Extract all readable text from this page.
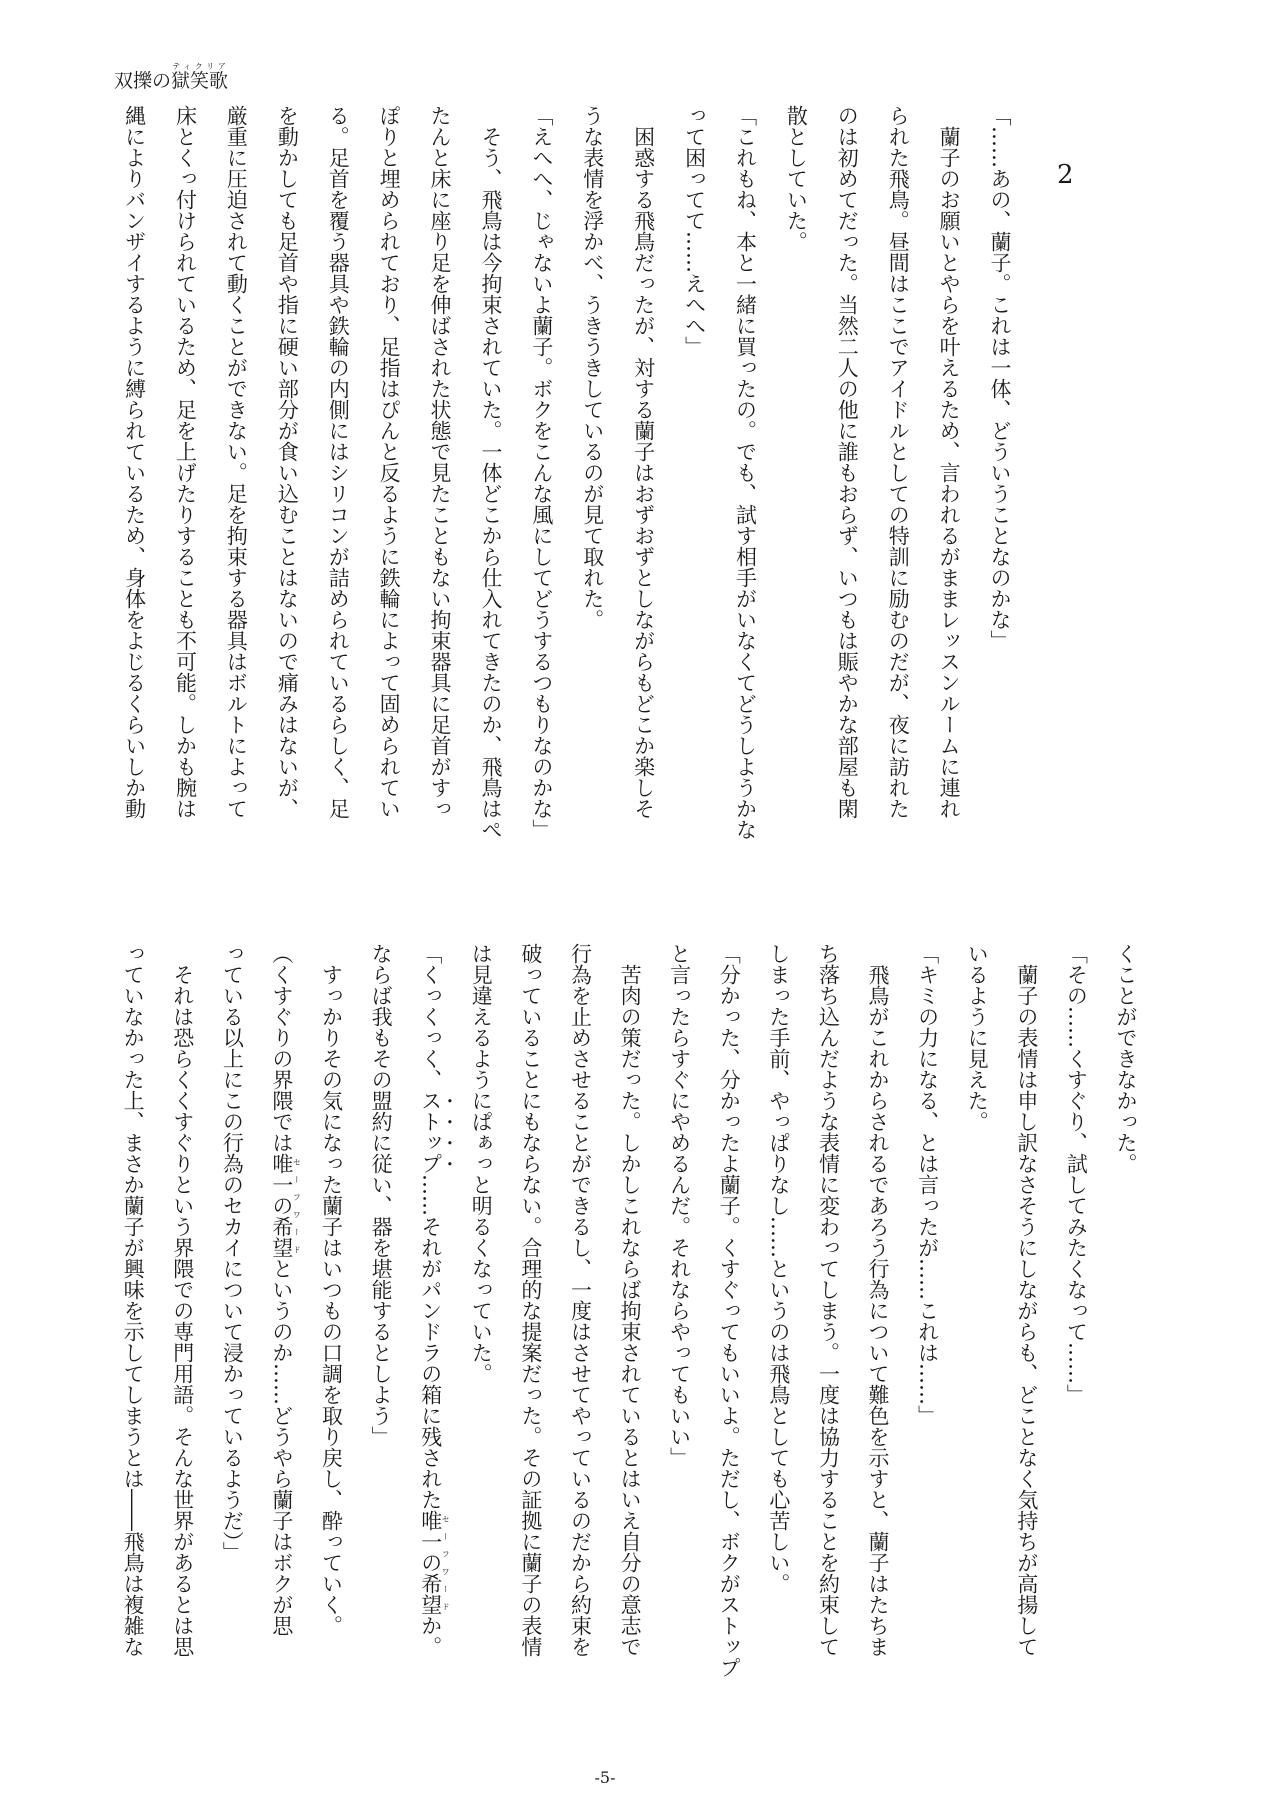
双擽の獄笑歌ティクリア
2
「……あの、蘭子。これは一体、どういうことなのかな」
　蘭子のお願いとやらを叶えるため、言われるがままレッスンルームに連れ
られた飛鳥。昼間はここでアイドルとしての特訓に励むのだが、夜に訪れた
のは初めてだった。当然二人の他に誰もおらず、いつもは賑やかな部屋も閑
散としていた。
「これもね、本と一緒に買ったの。でも、試す相手がいなくてどうしようかな
って困ってて……えへへ」
　困惑する飛鳥だったが、対する蘭子はおずおずとしながらもどこか楽しそ
うな表情を浮かべ、うきうきしているのが見て取れた。
「えへへ、じゃないよ蘭子。ボクをこんな風にしてどうするつもりなのかな」
　そう、飛鳥は今拘束されていた。一体どこから仕入れてきたのか、飛鳥はぺ
たんと床に座り足を伸ばされた状態で見たこともない拘束器具に足首がすっ
ぽりと埋められており、足指はぴんと反るように鉄輪によって固められてい
る。足首を覆う器具や鉄輪の内側にはシリコンが詰められているらしく、足
を動かしても足首や指に硬い部分が食い込むことはないので痛みはないが、
厳重に圧迫されて動くことができない。足を拘束する器具はボルトによって
床とくっ付けられているため、足を上げたりすることも不可能。しかも腕は
縄によりバンザイするように縛られているため、身体をよじるくらいしか動
くことができなかった。
「その……くすぐり、試してみたくなって……」
　蘭子の表情は申し訳なさそうにしながらも、どことなく気持ちが高揚して
いるように見えた。
「キミの力になる、とは言ったが……これは……」
　飛鳥がこれからされるであろう行為について難色を示すと、蘭子はたちま
ち落ち込んだような表情に変わってしまう。一度は協力することを約束して
しまった手前、やっぱりなし……というのは飛鳥としても心苦しい。
「分かった、分かったよ蘭子。くすぐってもいいよ。ただし、ボクがストップ
と言ったらすぐにやめるんだ。それならやってもいい」
　苦肉の策だった。しかしこれならば拘束されているとはいえ自分の意志で
行為を止めさせることができるし、一度はさせてやっているのだから約束を
破っていることにもならない。合理的な提案だった。その証拠に蘭子の表情
は見違えるようにぱぁっと明るくなっていた。
「くっくっく、ストップ……それがパンドラの箱に残された唯一の希望セーフワードか。
ならば我もその盟約に従い、器を堪能するとしよう」
　すっかりその気になった蘭子はいつもの口調を取り戻し、酔っていく。
（くすぐりの界隈では唯一の希望セーフワードというのか……どうやら蘭子はボクが思
っている以上にこの行為のセカイについて浸かっているようだ）」
　それは恐らくくすぐりという界隈での専門用語。そんな世界があるとは思
っていなかった上、まさか蘭子が興味を示してしまうとは――飛鳥は複雑な
-5-
